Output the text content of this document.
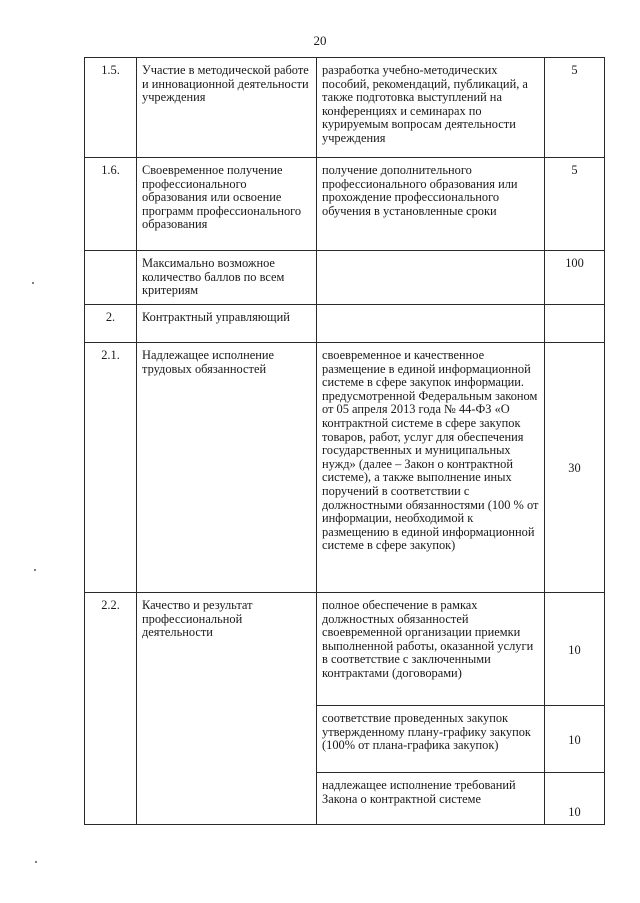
20
1.5.	Участие в методической работе и инновационной деятельности учреждения	разработка учебно-методических пособий, рекомендаций, публикаций, а также подготовка выступлений на конференциях и семинарах по курируемым вопросам деятельности учреждения	5
1.6.	Своевременное получение профессионального образования или освоение программ профессионального образования	получение дополнительного профессионального образования или прохождение профессионального обучения в установленные сроки	5
	Максимально возможное количество баллов по всем критериям		100
2.	Контрактный управляющий		
2.1.	Надлежащее исполнение трудовых обязанностей	своевременное и качественное размещение в единой информационной системе в сфере закупок информации. предусмотренной Федеральным законом от 05 апреля 2013 года № 44-ФЗ «О контрактной системе в сфере закупок товаров, работ, услуг для обеспечения государственных и муниципальных нужд» (далее – Закон о контрактной системе), а также выполнение иных поручений в соответствии с должностными обязанностями (100 % от информации, необходимой к размещению в единой информационной системе в сфере закупок)	30
2.2.	Качество и результат профессиональной деятельности	полное обеспечение в рамках должностных обязанностей своевременной организации приемки выполненной работы, оказанной услуги в соответствие с заключенными контрактами (договорами)	10
		соответствие проведенных закупок утвержденному плану-графику закупок (100% от плана-графика закупок)	10
		надлежащее исполнение требований Закона о контрактной системе	10
